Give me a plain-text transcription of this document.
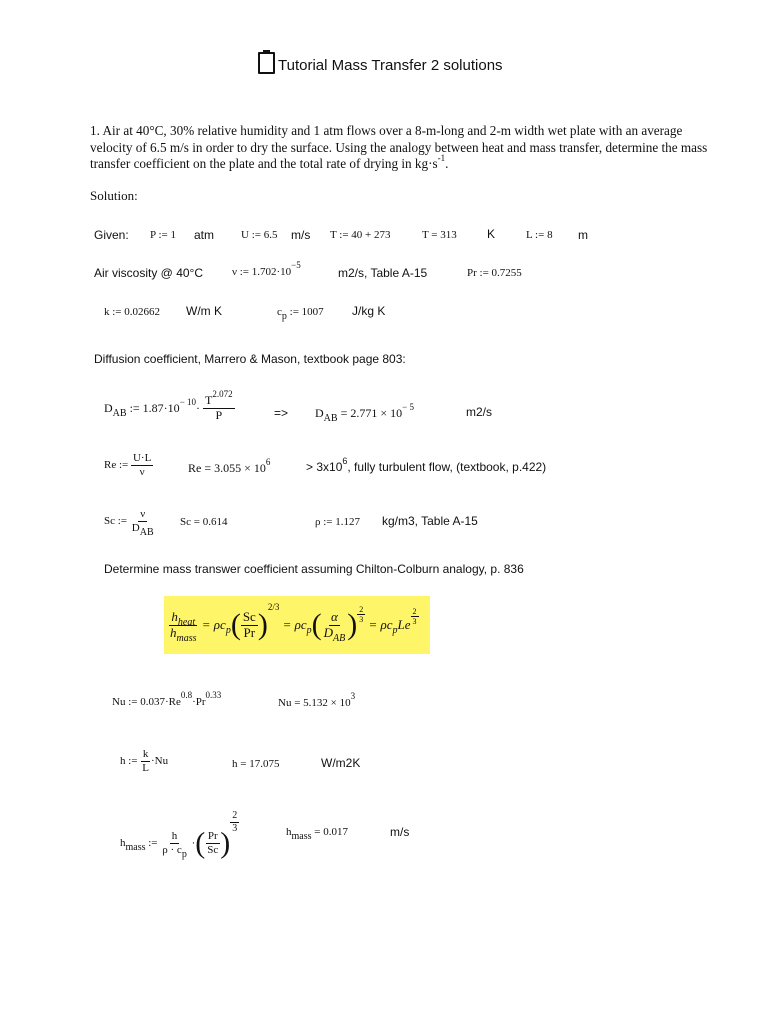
Tutorial Mass Transfer 2 solutions
1. Air at 40°C, 30% relative humidity and 1 atm flows over a 8-m-long and 2-m width wet plate with an average velocity of 6.5 m/s in order to dry the surface. Using the analogy between heat and mass transfer, determine the mass transfer coefficient on the plate and the total rate of drying in $kg\cdot s^{-1}$.
Solution:
Given: P := 1 atm U := 6.5 m/s T := 40 + 273	T = 313	K	L := 8 m
Air viscosity @ 40°C	ν := $1.702\cdot 10^{-5}$
m2/s, Table A-15	Pr := 0.7255
k := 0.02662 W/m K	$c_p$ := 1007 J/kg K
Diffusion coefficient, Marrero & Mason, textbook page 803:
$D_{AB}$ := $1.87\cdot 10^{- 10}\cdot \frac{T^{2.072}}{P}$	=> $D_{AB} = 2.771 \times 10^{- 5}$	m2/s
Re := $\frac{U\cdot L}{\nu}$	$Re = 3.055 \times 10^6$	> $3x10^6$, fully turbulent flow, (textbook, p.422)
Sc := $\frac{\nu}{D_{AB}}$ Sc = 0.614	ρ := 1.127 kg/m3, Table A-15
Determine mass transwer coefficient assuming Chilton-Colburn analogy, p. 836
$\frac{h_{heat}}{h_{mass}} = \rho c_p( \frac{Sc}{Pr} )^{2/3} = \rho c_p( \frac{\alpha}{D_{AB}}$ ) $\frac{2}{3}$
= $\rho c_pLe \frac{2}{3}$
Nu := $0.037\cdot Re^{0.8}\cdot Pr^{0.33}$
$Nu = 5.132 \times 10^3$
h := $\frac{k}{L} \cdot Nu$	h = 17.075	W/m2K
$h_{mass}$ := $\frac{h}{\rho \cdot c_p}$ ·( $\frac{Pr}{Sc}$ )
$\frac{2}{3}$	$h_{mass} = 0.017$	m/s
